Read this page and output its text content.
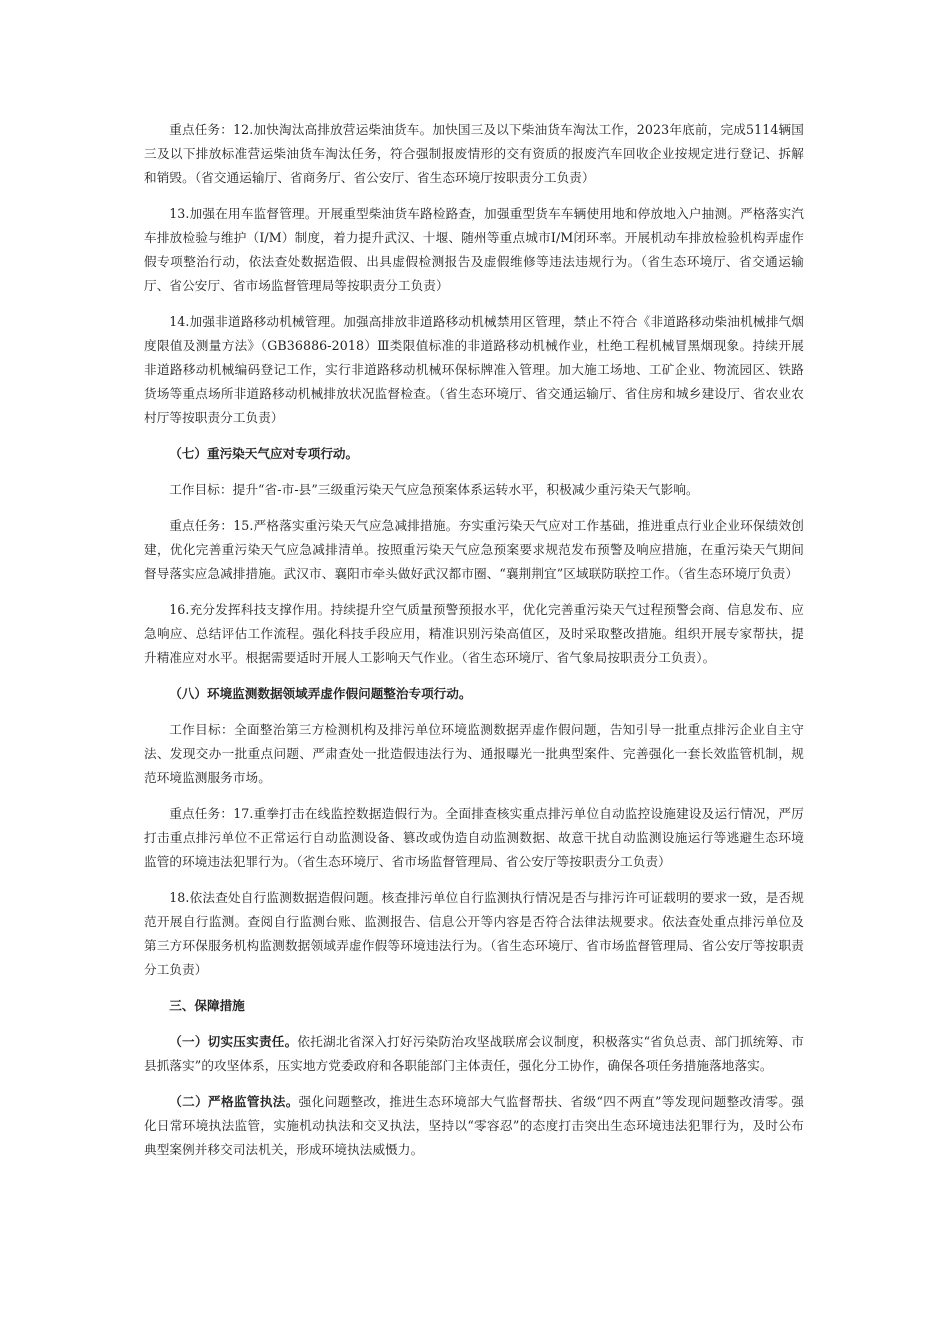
重点任务：12.加快淘汰高排放营运柴油货车。加快国三及以下柴油货车淘汰工作，2023年底前，完成5114辆国三及以下排放标准营运柴油货车淘汰任务，符合强制报废情形的交有资质的报废汽车回收企业按规定进行登记、拆解和销毁。（省交通运输厅、省商务厅、省公安厅、省生态环境厅按职责分工负责）

13.加强在用车监督管理。开展重型柴油货车路检路查，加强重型货车车辆使用地和停放地入户抽测。严格落实汽车排放检验与维护（I/M）制度，着力提升武汉、十堰、随州等重点城市I/M闭环率。开展机动车排放检验机构弄虚作假专项整治行动，依法查处数据造假、出具虚假检测报告及虚假维修等违法违规行为。（省生态环境厅、省交通运输厅、省公安厅、省市场监督管理局等按职责分工负责）

14.加强非道路移动机械管理。加强高排放非道路移动机械禁用区管理，禁止不符合《非道路移动柴油机械排气烟度限值及测量方法》（GB36886-2018）Ⅲ类限值标准的非道路移动机械作业，杜绝工程机械冒黑烟现象。持续开展非道路移动机械编码登记工作，实行非道路移动机械环保标牌准入管理。加大施工场地、工矿企业、物流园区、铁路货场等重点场所非道路移动机械排放状况监督检查。（省生态环境厅、省交通运输厅、省住房和城乡建设厅、省农业农村厅等按职责分工负责）

（七）重污染天气应对专项行动。

工作目标：提升“省-市-县”三级重污染天气应急预案体系运转水平，积极减少重污染天气影响。

重点任务：15.严格落实重污染天气应急减排措施。夯实重污染天气应对工作基础，推进重点行业企业环保绩效创建，优化完善重污染天气应急减排清单。按照重污染天气应急预案要求规范发布预警及响应措施，在重污染天气期间督导落实应急减排措施。武汉市、襄阳市牵头做好武汉都市圈、“襄荆荆宜”区域联防联控工作。（省生态环境厅负责）

16.充分发挥科技支撑作用。持续提升空气质量预警预报水平，优化完善重污染天气过程预警会商、信息发布、应急响应、总结评估工作流程。强化科技手段应用，精准识别污染高值区，及时采取整改措施。组织开展专家帮扶，提升精准应对水平。根据需要适时开展人工影响天气作业。（省生态环境厅、省气象局按职责分工负责）。

（八）环境监测数据领域弄虚作假问题整治专项行动。

工作目标：全面整治第三方检测机构及排污单位环境监测数据弄虚作假问题，告知引导一批重点排污企业自主守法、发现交办一批重点问题、严肃查处一批造假违法行为、通报曝光一批典型案件、完善强化一套长效监管机制，规范环境监测服务市场。

重点任务：17.重拳打击在线监控数据造假行为。全面排查核实重点排污单位自动监控设施建设及运行情况，严厉打击重点排污单位不正常运行自动监测设备、篡改或伪造自动监测数据、故意干扰自动监测设施运行等逃避生态环境监管的环境违法犯罪行为。（省生态环境厅、省市场监督管理局、省公安厅等按职责分工负责）

18.依法查处自行监测数据造假问题。核查排污单位自行监测执行情况是否与排污许可证载明的要求一致，是否规范开展自行监测。查阅自行监测台账、监测报告、信息公开等内容是否符合法律法规要求。依法查处重点排污单位及第三方环保服务机构监测数据领域弄虚作假等环境违法行为。（省生态环境厅、省市场监督管理局、省公安厅等按职责分工负责）

三、保障措施

（一）切实压实责任。依托湖北省深入打好污染防治攻坚战联席会议制度，积极落实“省负总责、部门抓统筹、市县抓落实”的攻坚体系，压实地方党委政府和各职能部门主体责任，强化分工协作，确保各项任务措施落地落实。

（二）严格监管执法。强化问题整改，推进生态环境部大气监督帮扶、省级“四不两直”等发现问题整改清零。强化日常环境执法监管，实施机动执法和交叉执法，坚持以“零容忍”的态度打击突出生态环境违法犯罪行为，及时公布典型案例并移交司法机关，形成环境执法威慑力。
